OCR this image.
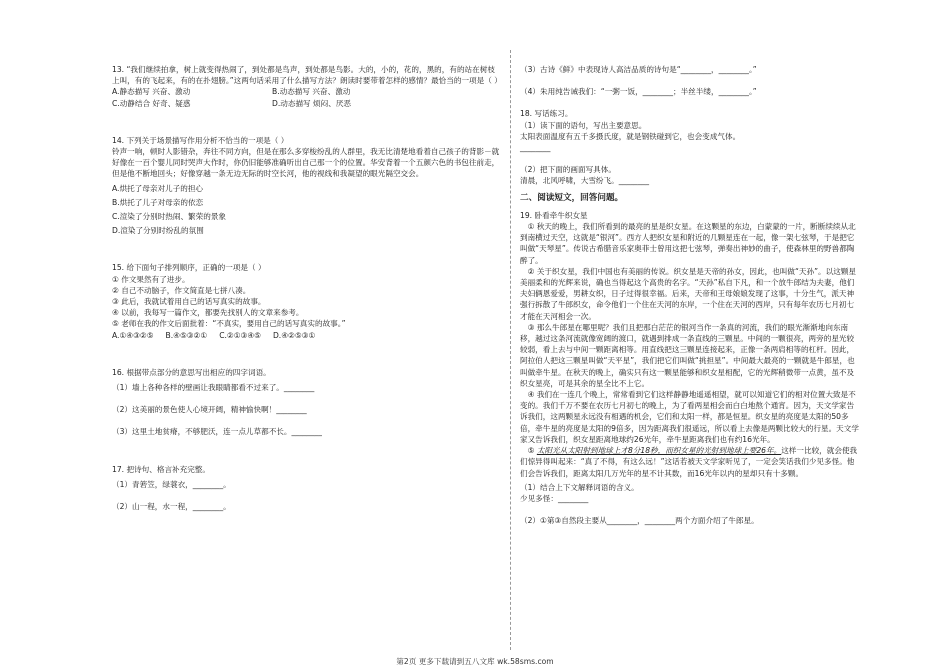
13. “我们继续拍拿，树上就变得热闹了，到处都是鸟声，到处都是鸟影。大的，小的，花的，黑的，有的站在树枝上叫，有的飞起来，有的在扑翅膀。”这两句话采用了什么描写方法？朗读时要带着怎样的感情？最恰当的一项是（ ）

A.静态描写 兴奋、激动	B.动态描写 兴奋、激动
C.动静结合 好奇、疑惑	D.动态描写 烦闷、厌恶

14. 下列关于场景描写作用分析不恰当的一项是（ ）

铃声一响，顿时人影错杂，奔往不同方向，但是在那么多穿梭纷乱的人群里，我无比清楚地看着自己孩子的背影－就好像在一百个婴儿同时哭声大作时，你仍旧能够准确听出自己那一个的位置。华安背着一个五颜六色的书包往前走，但是他不断地回头；好像穿越一条无边无际的时空长河，他的视线和我凝望的眼光隔空交会。

A.烘托了母亲对儿子的担心

B.烘托了儿子对母亲的依恋

C.渲染了分别时热闹、繁荣的景象

D.渲染了分别时纷乱的氛围

15. 给下面句子排列顺序，正确的一项是（ ）

① 作文果然有了进步。

② 自己不动脑子，作文简直是七拼八凑。

③ 此后，我就试着用自己的话写真实的故事。

④ 以前，我每写一篇作文，都要先找别人的文章来参考。

⑤ 老师在我的作文后面批着：“不真实，要用自己的话写真实的故事。”

A.①④③②⑤ B.④⑤③②① C.②①③④⑤ D.④②⑤③①

16. 根据带点部分的意思写出相应的四字词语。

（1）墙上各种各样的壁画让我眼睛都看不过来了。________

（2）这美丽的景色使人心境开阔，精神愉快啊！________

（3）这里土地贫瘠，不够肥沃，连一点儿草都不长。________

17. 把诗句、格言补充完整。

（1）青箬笠，绿蓑衣，________。

（2）山一程，水一程，________。

（3）古诗《鲜》中表现诗人高洁品质的诗句是“________，________。”

（4）朱用纯告诫我们：“一粥一饭，________；半丝半缕，________。”

18. 写话练习。

（1）读下面的语句，写出主要意思。

太阳表面温度有五千多摄氏度，就是钢铁碰到它，也会变成气体。

________

（2）把下面的画面写具体。

清晨，北风呼啸，大雪纷飞。________

二、阅读短文，回答问题。

19. 卧看牵牛织女星

① 秋天的晚上，我们所看到的最亮的星是织女星。在这颗星的东边，白蒙蒙的一片，断断续续从北到南横过天空，这就是“银河”。西方人把织女星和附近的几颗星连在一起，像一架七弦琴，于是把它叫做“天琴星”。传说古希腊音乐家奥菲士曾用这把七弦琴，弹奏出神妙的曲子，使森林里的野兽都陶醉了。

② 关于织女星，我们中国也有美丽的传说。织女星是天帝的孙女，因此，也叫做“天孙”。以这颗星美丽柔和的光辉来说，确也当得起这个高贵的名字。“天孙”私自下凡，和一个放牛郎结为夫妻，他们夫妇俩恩爱爱，男耕女织，日子过得很幸福。后来，天帝和王母娘娘发现了这事，十分生气，派天神强行拆散了牛郎织女，命令他们一个住在天河的东岸，一个住在天河的西岸，只有每年农历七月初七才能在天河相会一次。

③ 那么牛郎星在哪里呢？我们且把那白茫茫的银河当作一条真的河流，我们的眼光渐渐地向东南移，越过这条河流就像宽阔的渡口，就遇到排成一条直线的三颗星。中间的一颗很亮，两旁的星光较较弱，看上去与中间一颗距离相等。用直线把这三颗星连接起来，正像一条两肩相等的杠杆。因此，阿拉伯人把这三颗星叫做“天平星”，我们把它们叫做“挑担星”。中间最大最亮的一颗就是牛郎星，也叫做牵牛星。在秋天的晚上，确实只有这一颗星能够和织女星相配，它的光辉稍微带一点黄，虽不及织女星亮，可是其余的星全比不上它。

④ 我们在一连几个晚上，常常看到它们这样静静地遥遥相望，就可以知道它们的相对位置大致是不变的。我们千万不要在农历七月初七的晚上，为了看两星相会而白白地熬个通宵。因为，天文学家告诉我们，这两颗星永远没有相遇的机会，它们和太阳一样，都是恒星。织女星的亮度是太阳的50多倍，牵牛星的亮度是太阳的9倍多，因为距离我们很遥远，所以看上去像是两颗比较大的行星。天文学家又告诉我们，织女星距离地球约26光年，牵牛星距离我们也有约16光年。

⑤ 太阳光从太阳射到地球上才8分18秒，而织女星的光射到地球上要26年。这样一比较，就会使我们惊异得叫起来：“真了不得，有这么远！”这话若被天文学家听见了，一定会笑话我们少见多怪。他们会告诉我们，距离太阳几万光年的星不计其数，而16光年以内的星却只有十多颗。

（1）结合上下文解释词语的含义。

少见多怪：________

（2）①第③自然段主要从________，________两个方面介绍了牛郎星。

第2页 更多下载请到五八文库 wk.58sms.com
